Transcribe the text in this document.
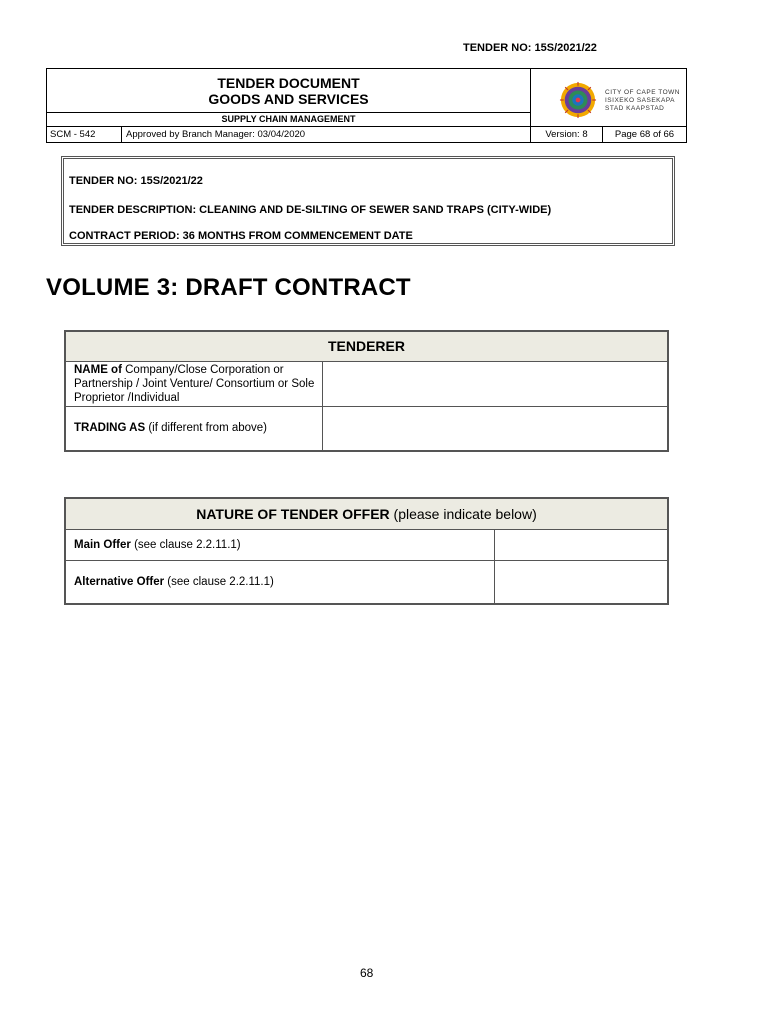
TENDER NO: 15S/2021/22
TENDER DOCUMENT
GOODS AND SERVICES
SUPPLY CHAIN MANAGEMENT
CITY OF CAPE TOWN
ISIXEKO SASEKAPA
STAD KAAPSTAD
SCM - 542	Approved by Branch Manager: 03/04/2020	Version: 8	Page 68 of 66
TENDER NO: 15S/2021/22
TENDER DESCRIPTION: CLEANING AND DE-SILTING OF SEWER SAND TRAPS (CITY-WIDE)
CONTRACT PERIOD: 36 MONTHS FROM COMMENCEMENT DATE
VOLUME 3: DRAFT CONTRACT
TENDERER	
NAME of Company/Close Corporation or Partnership / Joint Venture/ Consortium or Sole Proprietor /Individual	
TRADING AS (if different from above)	
NATURE OF TENDER OFFER (please indicate below)	
Main Offer (see clause 2.2.11.1)	
Alternative Offer (see clause 2.2.11.1)	
68
